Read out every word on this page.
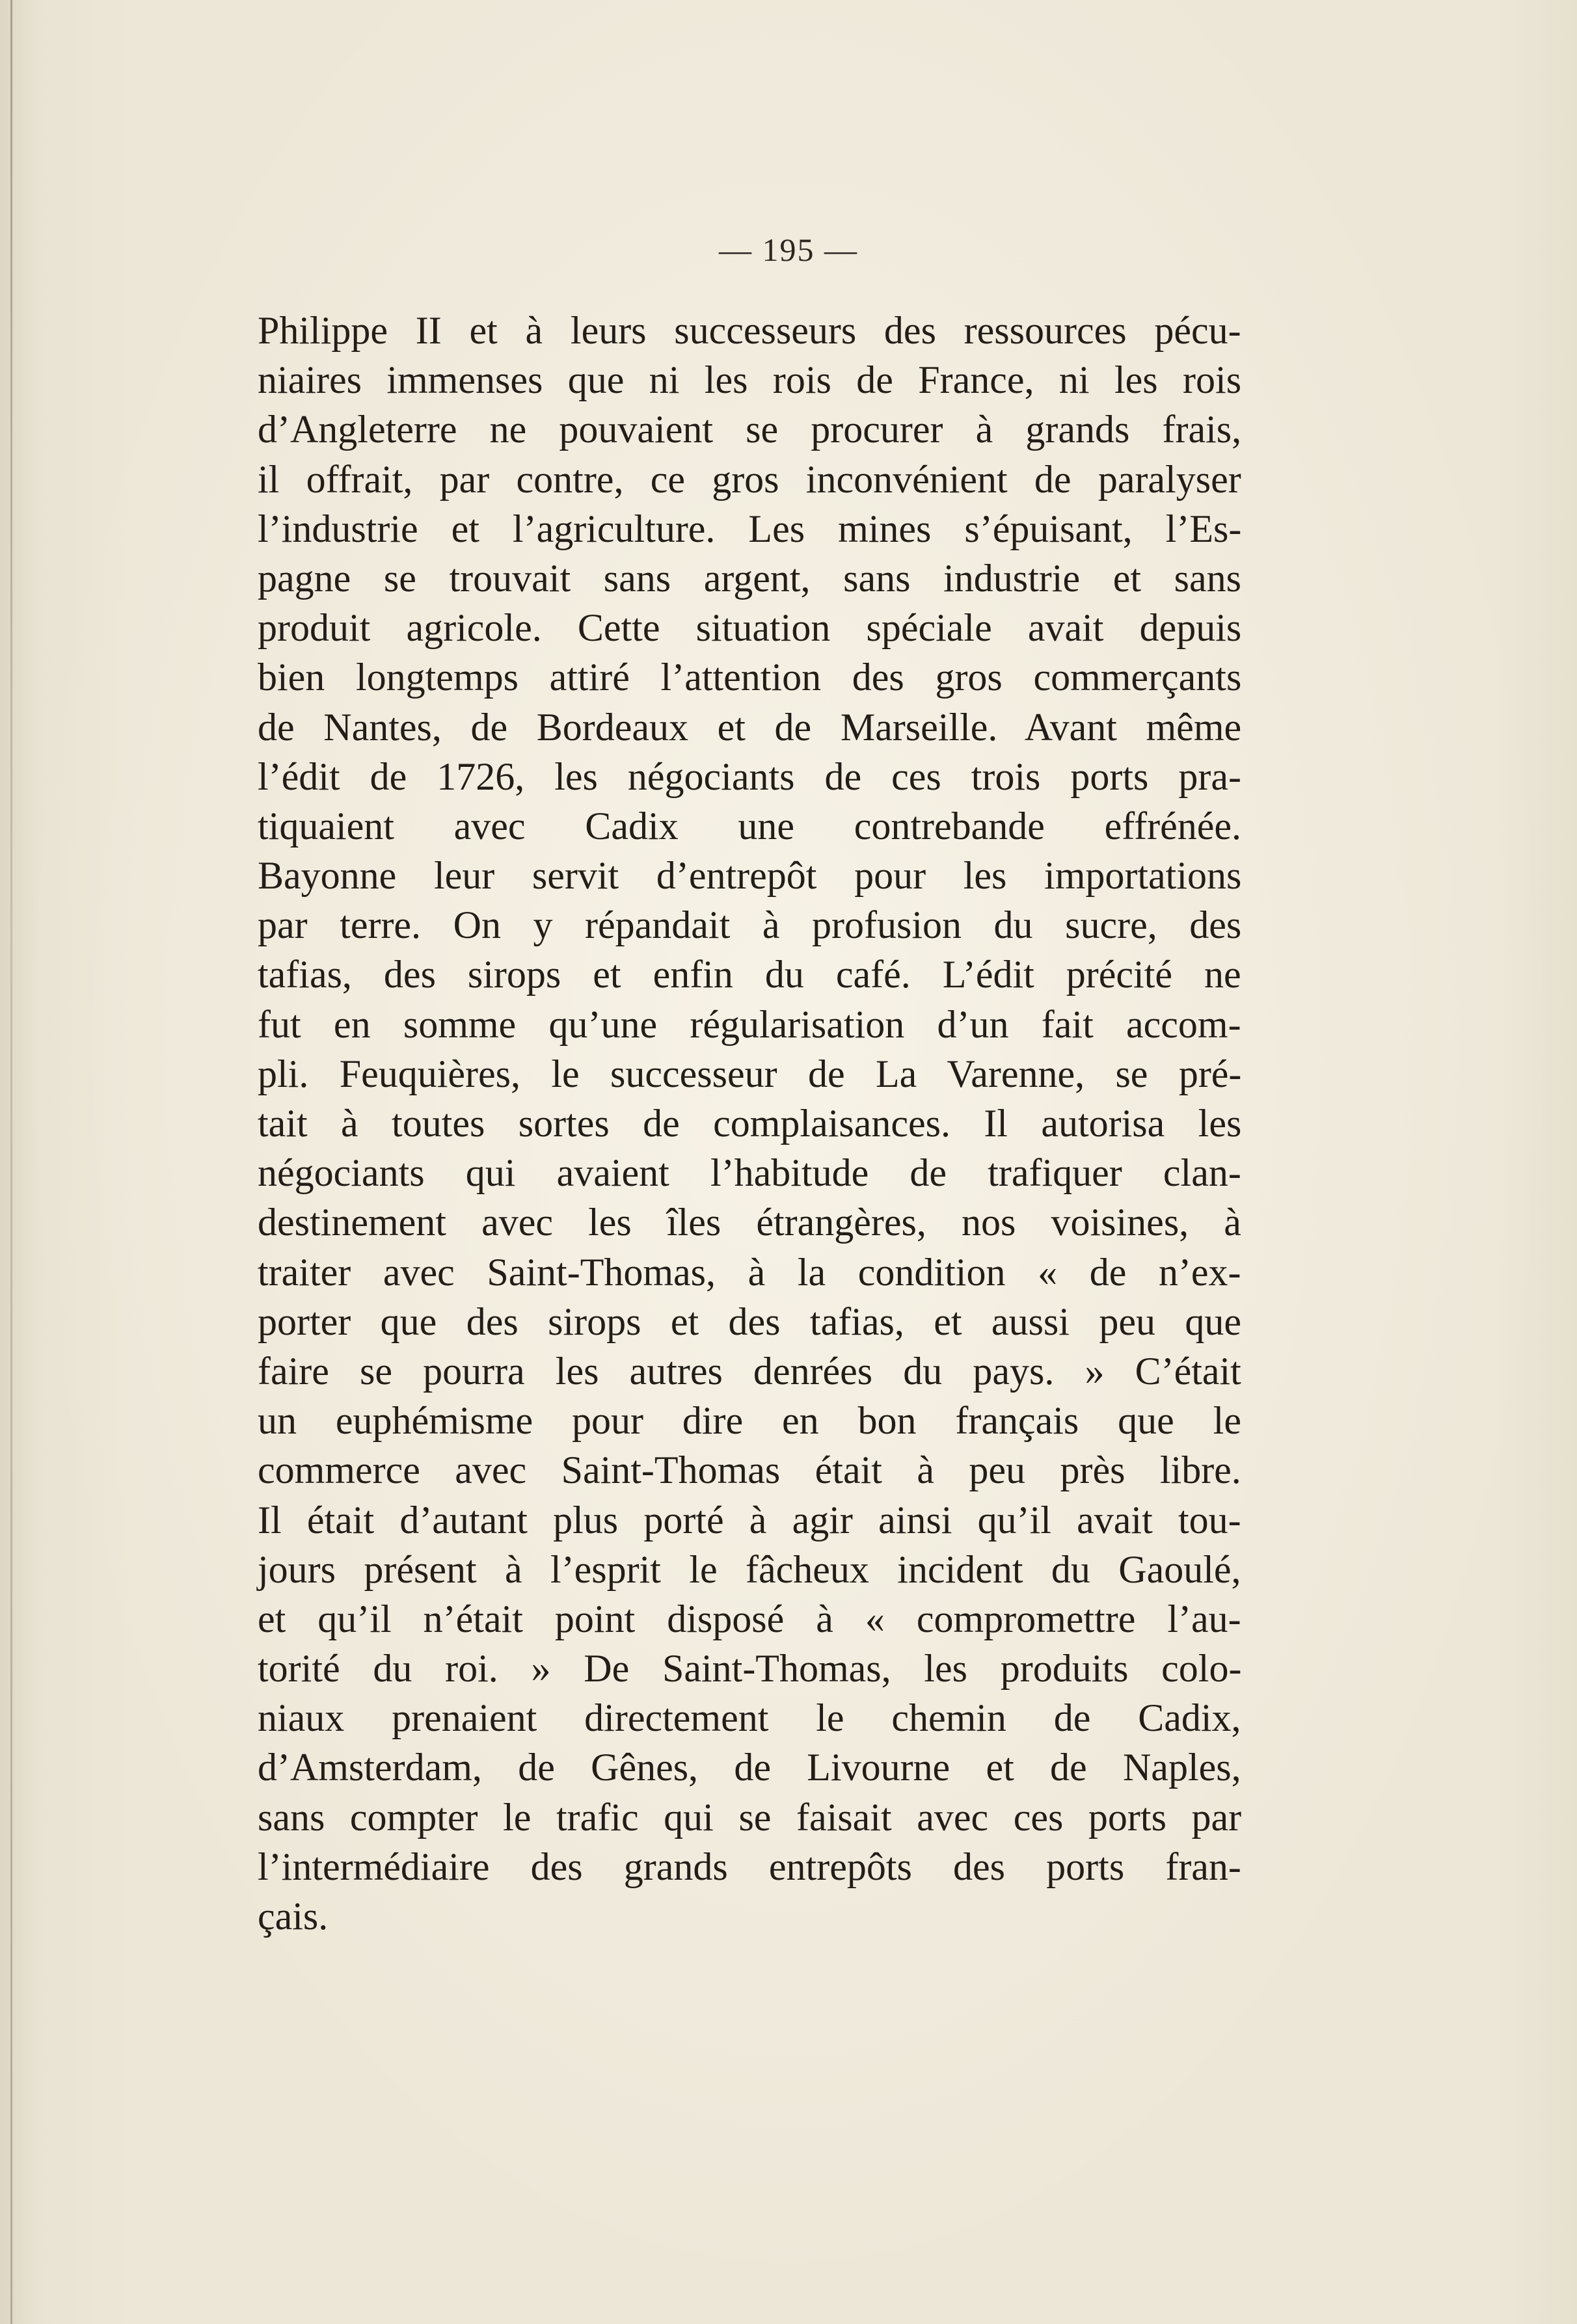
— 195 —
Philippe II et à leurs successeurs des ressources pécu-
niaires immenses que ni les rois de France, ni les rois
d’Angleterre ne pouvaient se procurer à grands frais,
il offrait, par contre, ce gros inconvénient de paralyser
l’industrie et l’agriculture. Les mines s’épuisant, l’Es-
pagne se trouvait sans argent, sans industrie et sans
produit agricole. Cette situation spéciale avait depuis
bien longtemps attiré l’attention des gros commerçants
de Nantes, de Bordeaux et de Marseille. Avant même
l’édit de 1726, les négociants de ces trois ports pra-
tiquaient avec Cadix une contrebande effrénée.
Bayonne leur servit d’entrepôt pour les importations
par terre. On y répandait à profusion du sucre, des
tafias, des sirops et enfin du café. L’édit précité ne
fut en somme qu’une régularisation d’un fait accom-
pli. Feuquières, le successeur de La Varenne, se pré-
tait à toutes sortes de complaisances. Il autorisa les
négociants qui avaient l’habitude de trafiquer clan-
destinement avec les îles étrangères, nos voisines, à
traiter avec Saint-Thomas, à la condition « de n’ex-
porter que des sirops et des tafias, et aussi peu que
faire se pourra les autres denrées du pays. » C’était
un euphémisme pour dire en bon français que le
commerce avec Saint-Thomas était à peu près libre.
Il était d’autant plus porté à agir ainsi qu’il avait tou-
jours présent à l’esprit le fâcheux incident du Gaoulé,
et qu’il n’était point disposé à « compromettre l’au-
torité du roi. » De Saint-Thomas, les produits colo-
niaux prenaient directement le chemin de Cadix,
d’Amsterdam, de Gênes, de Livourne et de Naples,
sans compter le trafic qui se faisait avec ces ports par
l’intermédiaire des grands entrepôts des ports fran-
çais.
